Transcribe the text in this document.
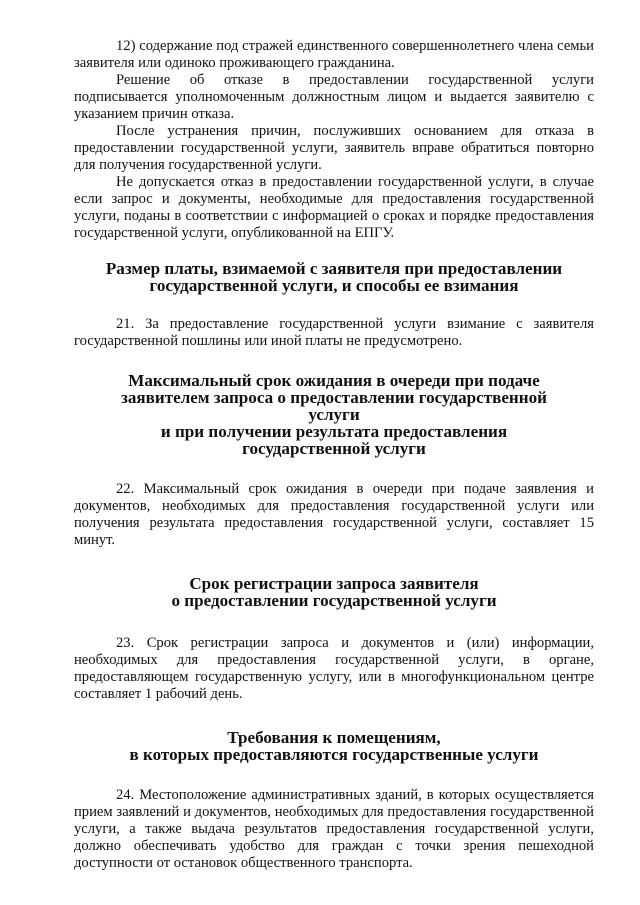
12) содержание под стражей единственного совершеннолетнего члена семьи заявителя или одиноко проживающего гражданина.

Решение об отказе в предоставлении государственной услуги подписывается уполномоченным должностным лицом и выдается заявителю с указанием причин отказа.

После устранения причин, послуживших основанием для отказа в предоставлении государственной услуги, заявитель вправе обратиться повторно для получения государственной услуги.

Не допускается отказ в предоставлении государственной услуги, в случае если запрос и документы, необходимые для предоставления государственной услуги, поданы в соответствии с информацией о сроках и порядке предоставления государственной услуги, опубликованной на ЕПГУ.

Размер платы, взимаемой с заявителя при предоставлении
государственной услуги, и способы ее взимания

21. За предоставление государственной услуги взимание с заявителя государственной пошлины или иной платы не предусмотрено.

Максимальный срок ожидания в очереди при подаче
заявителем запроса о предоставлении государственной услуги
и при получении результата предоставления
государственной услуги

22. Максимальный срок ожидания в очереди при подаче заявления и документов, необходимых для предоставления государственной услуги или получения результата предоставления государственной услуги, составляет 15 минут.

Срок регистрации запроса заявителя
о предоставлении государственной услуги

23. Срок регистрации запроса и документов и (или) информации, необходимых для предоставления государственной услуги, в органе, предоставляющем государственную услугу, или в многофункциональном центре составляет 1 рабочий день.

Требования к помещениям,
в которых предоставляются государственные услуги

24. Местоположение административных зданий, в которых осуществляется прием заявлений и документов, необходимых для предоставления государственной услуги, а также выдача результатов предоставления государственной услуги, должно обеспечивать удобство для граждан с точки зрения пешеходной доступности от остановок общественного транспорта.
